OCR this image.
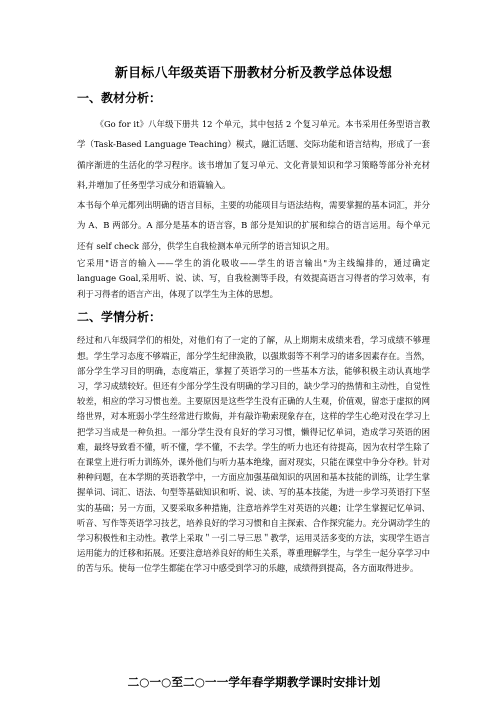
新目标八年级英语下册教材分析及教学总体设想
一、教材分析：

《Go for it》八年级下册共 12 个单元，其中包括 2 个复习单元。本书采用任务型语言教学（Task-Based Language Teaching）模式，融汇话题、交际功能和语言结构，形成了一套循序渐进的生活化的学习程序。该书增加了复习单元、文化背景知识和学习策略等部分补充材料,并增加了任务型学习成分和语篇输入。

本书每个单元都列出明确的语言目标，主要的功能项目与语法结构，需要掌握的基本词汇，并分为 A、B 两部分。A 部分是基本的语言容，B 部分是知识的扩展和综合的语言运用。每个单元还有 self check 部分，供学生自我检测本单元所学的语言知识之用。

它采用"语言的输入——学生的消化吸收——学生的语言输出"为主线编排的，通过确定 language Goal,采用听、说、读、写，自我检测等手段，有效提高语言习得者的学习效率，有利于习得者的语言产出，体现了以学生为主体的思想。

二、学情分析：

经过和八年级同学们的相处，对他们有了一定的了解，从上期期末成绩来看，学习成绩不够理想。学生学习态度不够端正，部分学生纪律涣散，以强欺弱等不利学习的诸多因素存在。当然，部分学生学习目的明确，态度端正，掌握了英语学习的一些基本方法，能够积极主动认真地学习，学习成绩较好。但还有少部分学生没有明确的学习目的，缺少学习的热情和主动性，自觉性较差，相应的学习习惯也差。主要原因是这些学生没有正确的人生观，价值观，留恋于虚拟的网络世界，对本班弱小学生经常进行欺侮，并有敲诈勒索现象存在，这样的学生心绝对没在学习上把学习当成是一种负担。一部分学生没有良好的学习习惯，懒得记忆单词，造成学习英语的困难，最终导致看不懂，听不懂，学不懂，不去学。学生的听力也还有待提高，因为农村学生除了在课堂上进行听力训练外，课外他们与听力基本绝缘，面对现实，只能在课堂中争分夺秒。针对种种问题，在本学期的英语教学中，一方面应加强基础知识的巩固和基本技能的训练，让学生掌握单词、词汇、语法、句型等基础知识和听、说、读、写的基本技能，为进一步学习英语打下坚实的基础；另一方面，又要采取多种措施，注意培养学生对英语的兴趣；让学生掌握记忆单词、听音、写作等英语学习技艺，培养良好的学习习惯和自主探索、合作探究能力。充分调动学生的学习积极性和主动性。教学上采取＂一引二导三思＂教学，运用灵活多变的方法，实现学生语言运用能力的迁移和拓展。还要注意培养良好的师生关系，尊重理解学生，与学生一起分享学习中的苦与乐。使每一位学生都能在学习中感受到学习的乐趣，成绩得到提高，各方面取得进步。

二○一○至二○一一学年春学期教学课时安排计划
